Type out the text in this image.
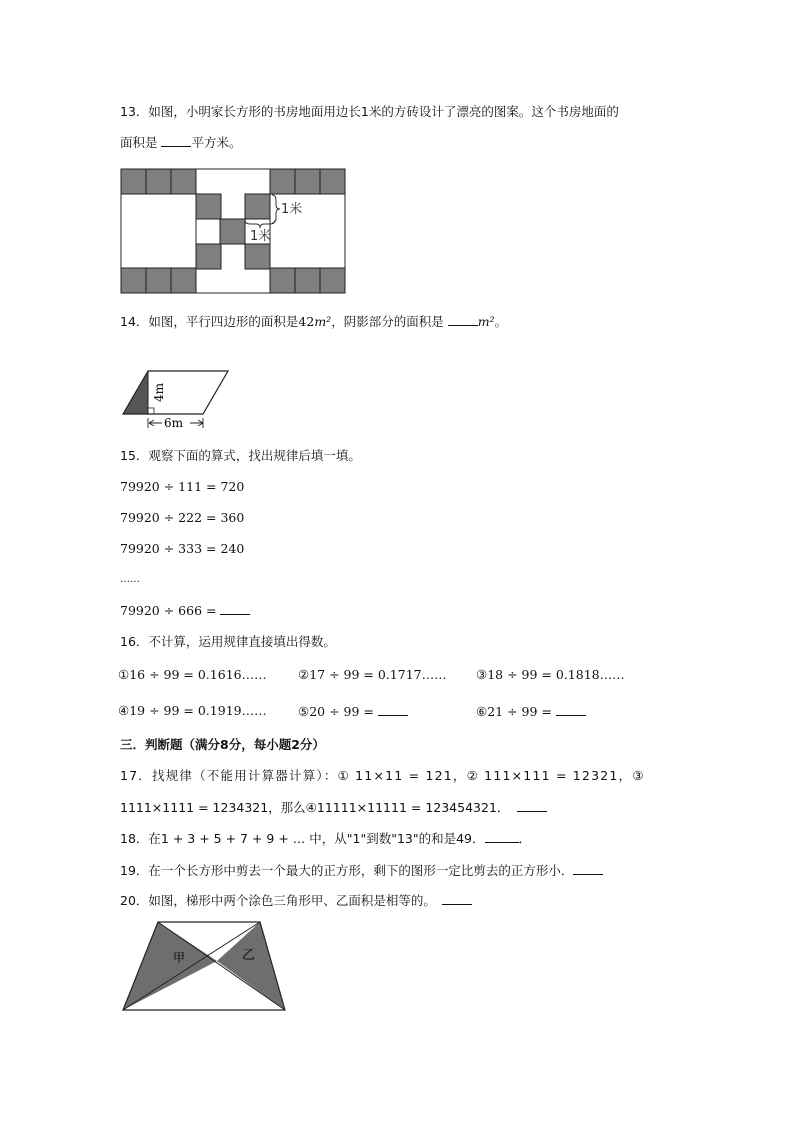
13．如图，小明家长方形的书房地面用边长1米的方砖设计了漂亮的图案。这个书房地面的
面积是 平方米。
1米
1米
14．如图，平行四边形的面积是42m²，阴影部分的面积是 m²。
4m
6m
15．观察下面的算式，找出规律后填一填。
79920 ÷ 111 = 720
79920 ÷ 222 = 360
79920 ÷ 333 = 240
……
79920 ÷ 666 =
16．不计算，运用规律直接填出得数。
①16 ÷ 99 = 0.1616……	②17 ÷ 99 = 0.1717…… ③18 ÷ 99 = 0.1818……
④19 ÷ 99 = 0.1919……	⑤20 ÷ 99 =	⑥21 ÷ 99 =
三．判断题（满分8分，每小题2分）
17．找规律（不能用计算器计算）：① 11×11 = 121，② 111×111 = 12321，③
1111×1111 = 1234321，那么④11111×11111 = 123454321．
18．在1 + 3 + 5 + 7 + 9 + … 中，从"1"到数"13"的和是49．	．
19．在一个长方形中剪去一个最大的正方形，剩下的图形一定比剪去的正方形小．
20．如图，梯形中两个涂色三角形甲、乙面积是相等的。
甲	乙
